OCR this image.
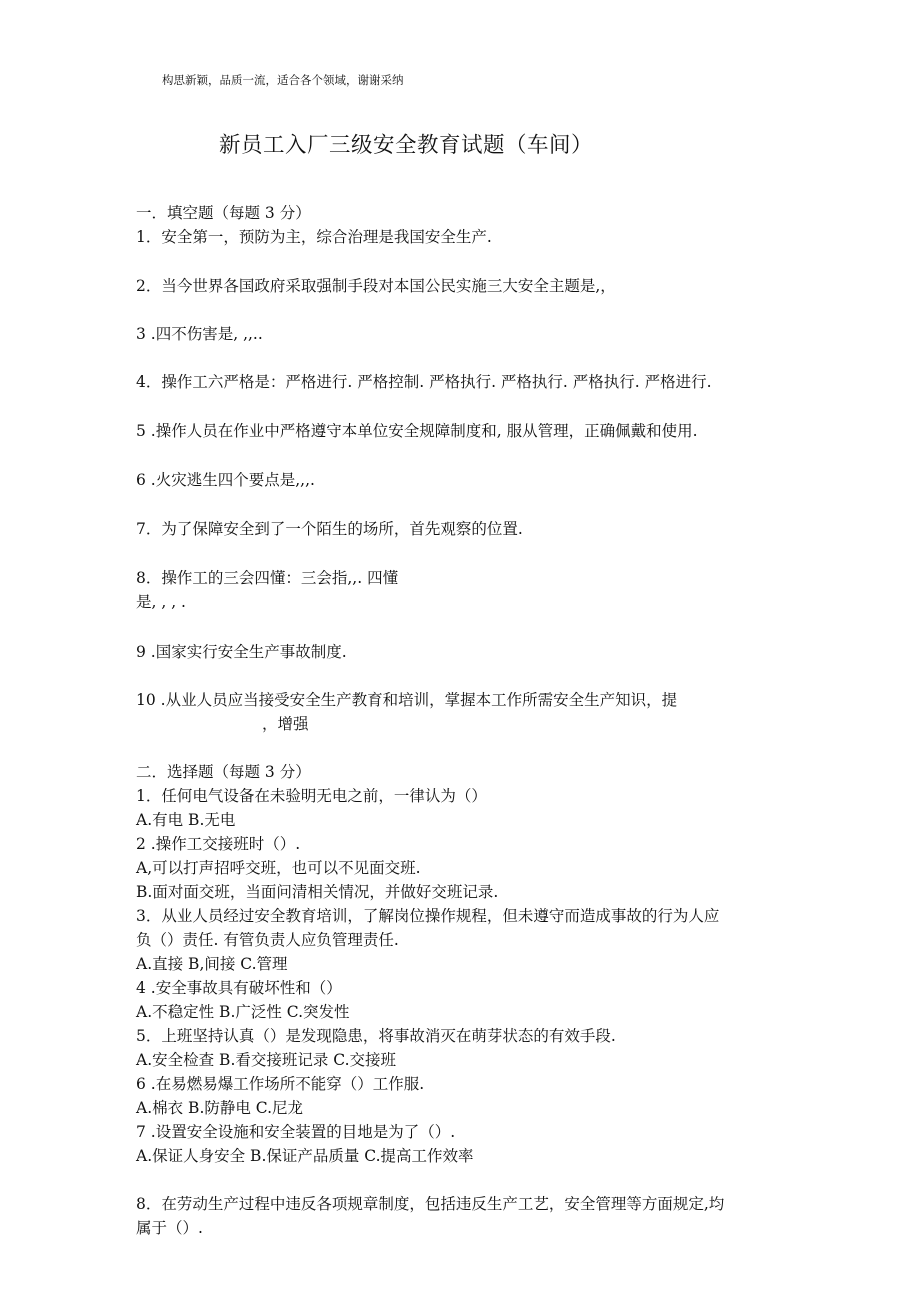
构思新颖，品质一流，适合各个领域，谢谢采纳
新员工入厂三级安全教育试题（车间）
一．填空题（每题 3 分）
1．安全第一，预防为主，综合治理是我国安全生产.
2．当今世界各国政府采取强制手段对本国公民实施三大安全主题是,，
3 .四不伤害是, ,,..
4．操作工六严格是：严格进行. 严格控制. 严格执行. 严格执行. 严格执行. 严格进行.
5 .操作人员在作业中严格遵守本单位安全规障制度和, 服从管理，正确佩戴和使用.
6 .火灾逃生四个要点是,,,.
7．为了保障安全到了一个陌生的场所，首先观察的位置.
8．操作工的三会四懂：三会指,,. 四懂
是, , , .
9 .国家实行安全生产事故制度.
10 .从业人员应当接受安全生产教育和培训，掌握本工作所需安全生产知识，提
，增强
二．选择题（每题 3 分）
1．任何电气设备在未验明无电之前，一律认为（）
A.有电 B.无电
2 .操作工交接班时（）.
A,可以打声招呼交班，也可以不见面交班.
B.面对面交班，当面问清相关情况，并做好交班记录.
3．从业人员经过安全教育培训，了解岗位操作规程，但未遵守而造成事故的行为人应
负（）责任. 有管负责人应负管理责任.
A.直接 B,间接 C.管理
4 .安全事故具有破坏性和（）
A.不稳定性 B.广泛性 C.突发性
5．上班坚持认真（）是发现隐患，将事故消灭在萌芽状态的有效手段.
A.安全检查 B.看交接班记录 C.交接班
6 .在易燃易爆工作场所不能穿（）工作服.
A.棉衣 B.防静电 C.尼龙
7 .设置安全设施和安全装置的目地是为了（）.
A.保证人身安全 B.保证产品质量 C.提高工作效率
8．在劳动生产过程中违反各项规章制度，包括违反生产工艺，安全管理等方面规定,均
属于（）.
